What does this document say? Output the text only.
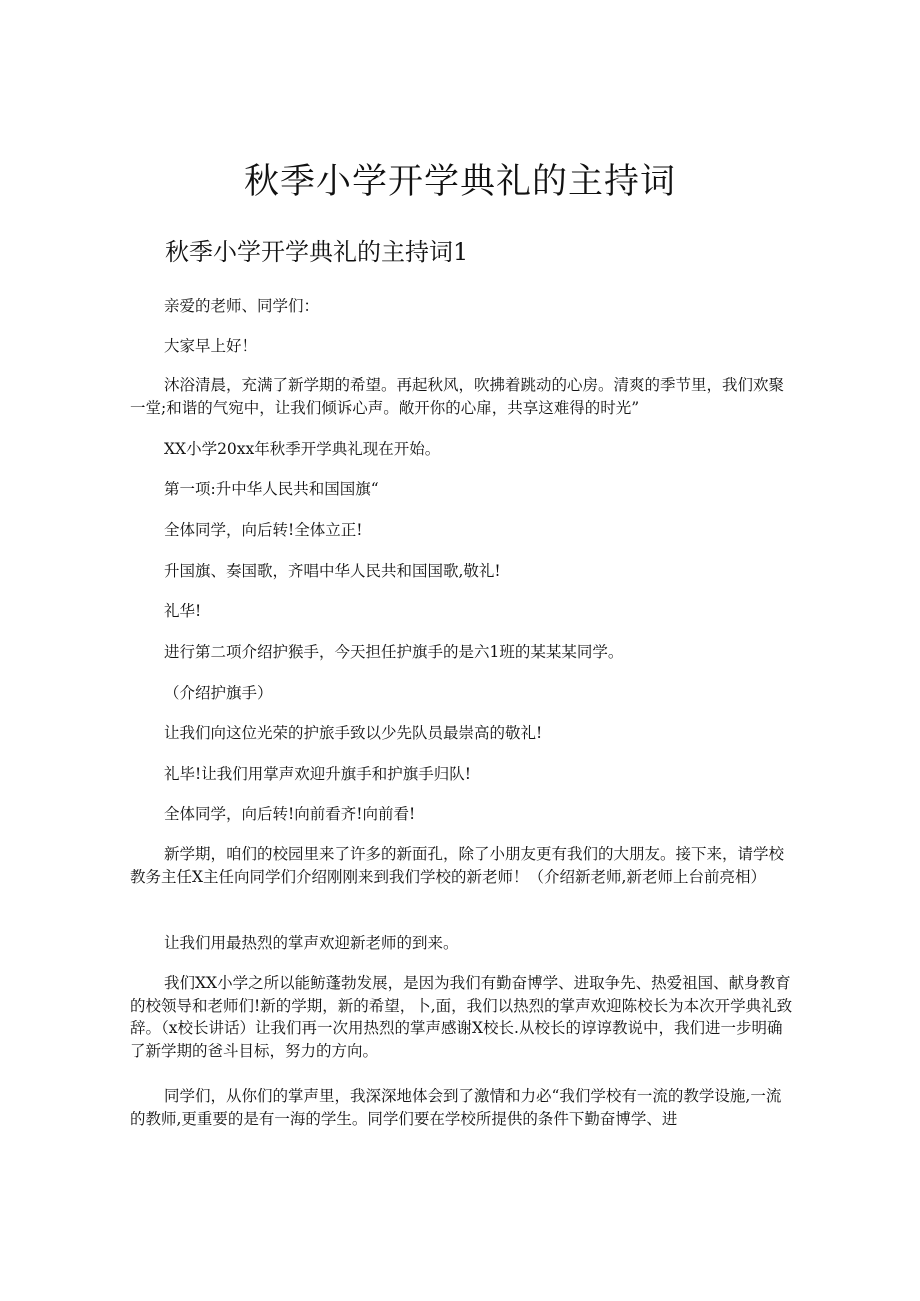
秋季小学开学典礼的主持词
秋季小学开学典礼的主持词1

亲爱的老师、同学们：

大家早上好！

沐浴清晨，充满了新学期的希望。再起秋风，吹拂着跳动的心房。清爽的季节里，我们欢聚一堂;和谐的气宛中，让我们倾诉心声。敞开你的心扉，共享这难得的时光”

XX小学20xx年秋季开学典礼现在开始。

第一项:升中华人民共和国国旗“

全体同学，向后转!全体立正!

升国旗、奏国歌，齐唱中华人民共和国国歌,敬礼!

礼华!

进行第二项介绍护猴手，今天担任护旗手的是六1班的某某某同学。

（介绍护旗手）

让我们向这位光荣的护旅手致以少先队员最崇高的敬礼!

礼毕!让我们用掌声欢迎升旗手和护旗手归队!

全体同学，向后转!向前看齐!向前看!

新学期，咱们的校园里来了许多的新面孔，除了小朋友更有我们的大朋友。接下来，请学校教务主任X主任向同学们介绍刚刚来到我们学校的新老师！（介绍新老师,新老师上台前亮相）

让我们用最热烈的掌声欢迎新老师的到来。

我们XX小学之所以能鲂蓬勃发展，是因为我们有勤奋博学、进取争先、热爱祖国、献身教育的校领导和老师们!新的学期，新的希望，卜,面，我们以热烈的掌声欢迎陈校长为本次开学典礼致辞。（x校长讲话）让我们再一次用热烈的掌声感谢X校长.从校长的谆谆教说中，我们进一步明确了新学期的爸斗目标，努力的方向。

同学们，从你们的掌声里，我深深地体会到了激情和力必“我们学校有一流的教学设施,一流的教师,更重要的是有一海的学生。同学们要在学校所提供的条件下勤奋博学、进
